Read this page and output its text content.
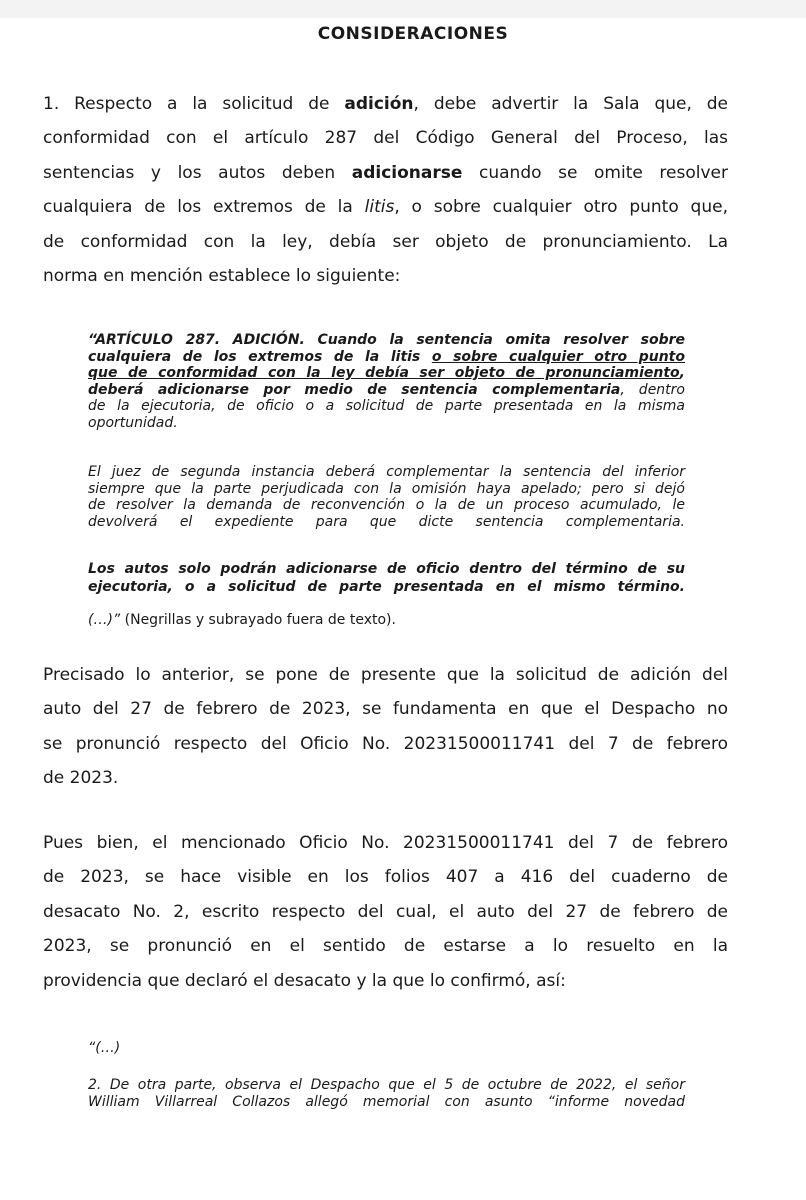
CONSIDERACIONES
1. Respecto a la solicitud de adición, debe advertir la Sala que, de
conformidad con el artículo 287 del Código General del Proceso, las
sentencias y los autos deben adicionarse cuando se omite resolver
cualquiera de los extremos de la litis, o sobre cualquier otro punto que,
de conformidad con la ley, debía ser objeto de pronunciamiento. La
norma en mención establece lo siguiente:
“ARTÍCULO 287. ADICIÓN. Cuando la sentencia omita resolver sobre
cualquiera de los extremos de la litis o sobre cualquier otro punto
que de conformidad con la ley debía ser objeto de pronunciamiento,
deberá adicionarse por medio de sentencia complementaria, dentro
de la ejecutoria, de oficio o a solicitud de parte presentada en la misma
oportunidad.
El juez de segunda instancia deberá complementar la sentencia del inferior
siempre que la parte perjudicada con la omisión haya apelado; pero si dejó
de resolver la demanda de reconvención o la de un proceso acumulado, le
devolverá el expediente para que dicte sentencia complementaria.
Los autos solo podrán adicionarse de oficio dentro del término de su
ejecutoria, o a solicitud de parte presentada en el mismo término.
(…)” (Negrillas y subrayado fuera de texto).
Precisado lo anterior, se pone de presente que la solicitud de adición del
auto del 27 de febrero de 2023, se fundamenta en que el Despacho no
se pronunció respecto del Oficio No. 20231500011741 del 7 de febrero
de 2023.
Pues bien, el mencionado Oficio No. 20231500011741 del 7 de febrero
de 2023, se hace visible en los folios 407 a 416 del cuaderno de
desacato No. 2, escrito respecto del cual, el auto del 27 de febrero de
2023, se pronunció en el sentido de estarse a lo resuelto en la
providencia que declaró el desacato y la que lo confirmó, así:
“(…)
2. De otra parte, observa el Despacho que el 5 de octubre de 2022, el señor
William Villarreal Collazos allegó memorial con asunto “informe novedad
